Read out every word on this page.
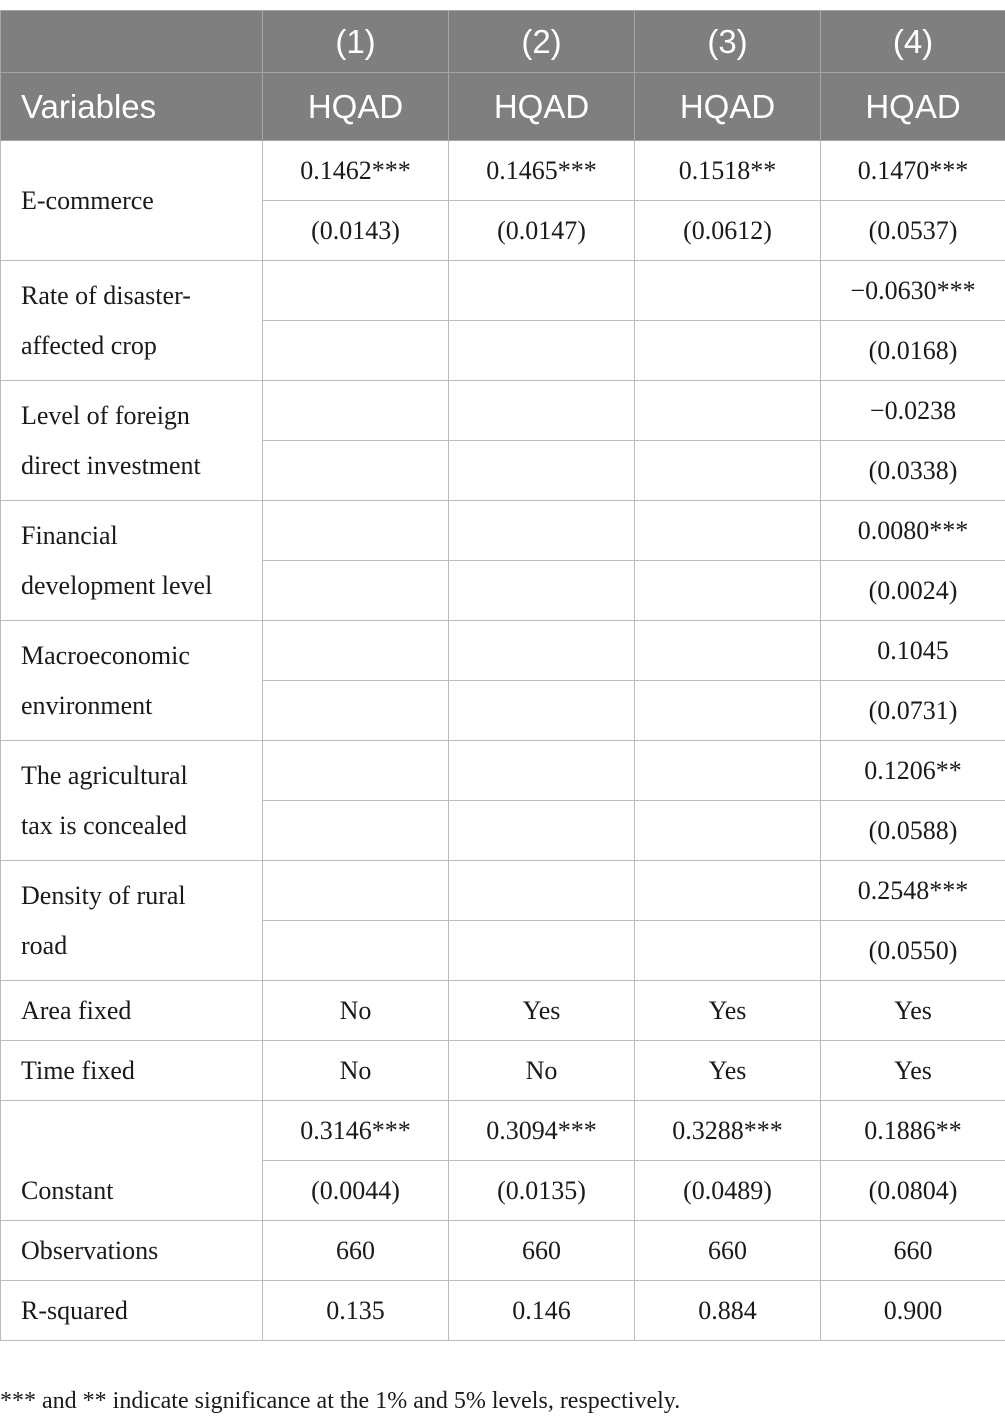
	(1)	(2)	(3)	(4)
Variables	HQAD	HQAD	HQAD	HQAD
E-commerce	0.1462***	0.1465***	0.1518**	0.1470***
	(0.0143)	(0.0147)	(0.0612)	(0.0537)
Rate of disaster-
affected crop				−0.0630***
				(0.0168)
Level of foreign
direct investment				−0.0238
				(0.0338)
Financial
development level				0.0080***
				(0.0024)
Macroeconomic
environment				0.1045
				(0.0731)
The agricultural
tax is concealed				0.1206**
				(0.0588)
Density of rural
road				0.2548***
				(0.0550)
Area fixed	No	Yes	Yes	Yes
Time fixed	No	No	Yes	Yes
Constant	0.3146***	0.3094***	0.3288***	0.1886**
	(0.0044)	(0.0135)	(0.0489)	(0.0804)
Observations	660	660	660	660
R-squared	0.135	0.146	0.884	0.900
*** and ** indicate significance at the 1% and 5% levels, respectively.
